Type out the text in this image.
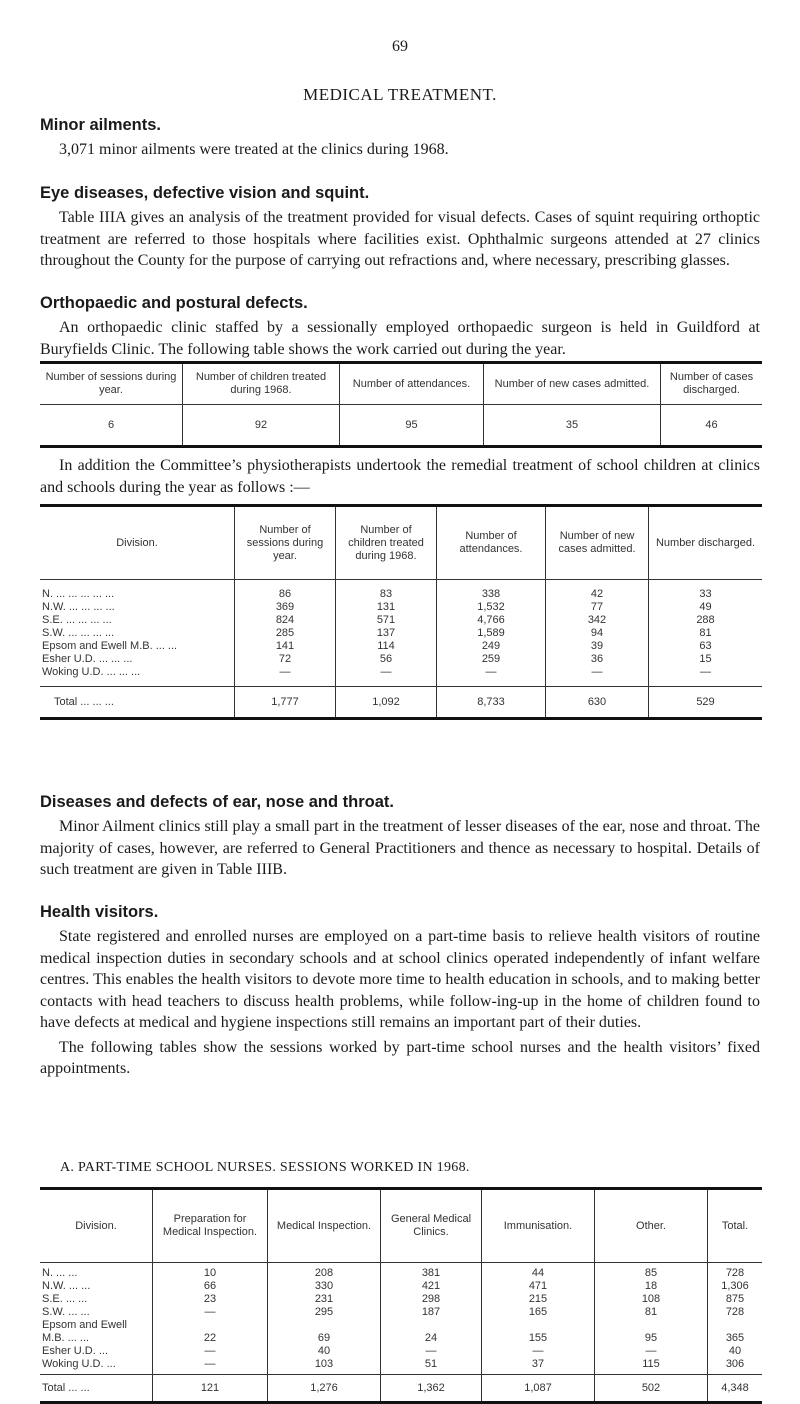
69
MEDICAL TREATMENT.
Minor ailments.

3,071 minor ailments were treated at the clinics during 1968.

Eye diseases, defective vision and squint.

Table IIIA gives an analysis of the treatment provided for visual defects. Cases of squint requiring orthoptic treatment are referred to those hospitals where facilities exist. Ophthalmic surgeons attended at 27 clinics throughout the County for the purpose of carrying out refractions and, where necessary, prescribing glasses.

Orthopaedic and postural defects.

An orthopaedic clinic staffed by a sessionally employed orthopaedic surgeon is held in Guildford at Buryfields Clinic. The following table shows the work carried out during the year.

Number of sessions during year.	Number of children treated during 1968.	Number of attendances.	Number of new cases admitted.	Number of cases discharged.
6	92	95	35	46

In addition the Committee’s physiotherapists undertook the remedial treatment of school children at clinics and schools during the year as follows :—

Division.	Number of sessions during year.	Number of children treated during 1968.	Number of attendances.	Number of new cases admitted.	Number discharged.

N. ... ... ... ... ...	86	83	338	42	33
N.W. ... ... ... ...	369	131	1,532	77	49
S.E. ... ... ... ...	824	571	4,766	342	288
S.W. ... ... ... ...	285	137	1,589	94	81
Epsom and Ewell M.B. ... ...	141	114	249	39	63
Esher U.D. ... ... ...	72	56	259	36	15
Woking U.D. ... ... ...	—	—	—	—	—

Total ... ... ...	1,777	1,092	8,733	630	529
Diseases and defects of ear, nose and throat.

Minor Ailment clinics still play a small part in the treatment of lesser diseases of the ear, nose and throat. The majority of cases, however, are referred to General Practitioners and thence as necessary to hospital. Details of such treatment are given in Table IIIB.

Health visitors.

State registered and enrolled nurses are employed on a part-time basis to relieve health visitors of routine medical inspection duties in secondary schools and at school clinics operated independently of infant welfare centres. This enables the health visitors to devote more time to health education in schools, and to making better contacts with head teachers to discuss health problems, while follow-ing-up in the home of children found to have defects at medical and hygiene inspections still remains an important part of their duties.

The following tables show the sessions worked by part-time school nurses and the health visitors’ fixed appointments.

A. PART-TIME SCHOOL NURSES. SESSIONS WORKED IN 1968.
Division.	Preparation for Medical Inspection.	Medical Inspection.	General Medical Clinics.	Immunisation.	Other.	Total.

N. ... ...	10	208	381	44	85	728
N.W. ... ...	66	330	421	471	18	1,306
S.E. ... ...	23	231	298	215	108	875
S.W. ... ...	—	295	187	165	81	728
Epsom and Ewell						
M.B. ... ...	22	69	24	155	95	365
Esher U.D. ...	—	40	—	—	—	40
Woking U.D. ...	—	103	51	37	115	306

Total ... ...	121	1,276	1,362	1,087	502	4,348
